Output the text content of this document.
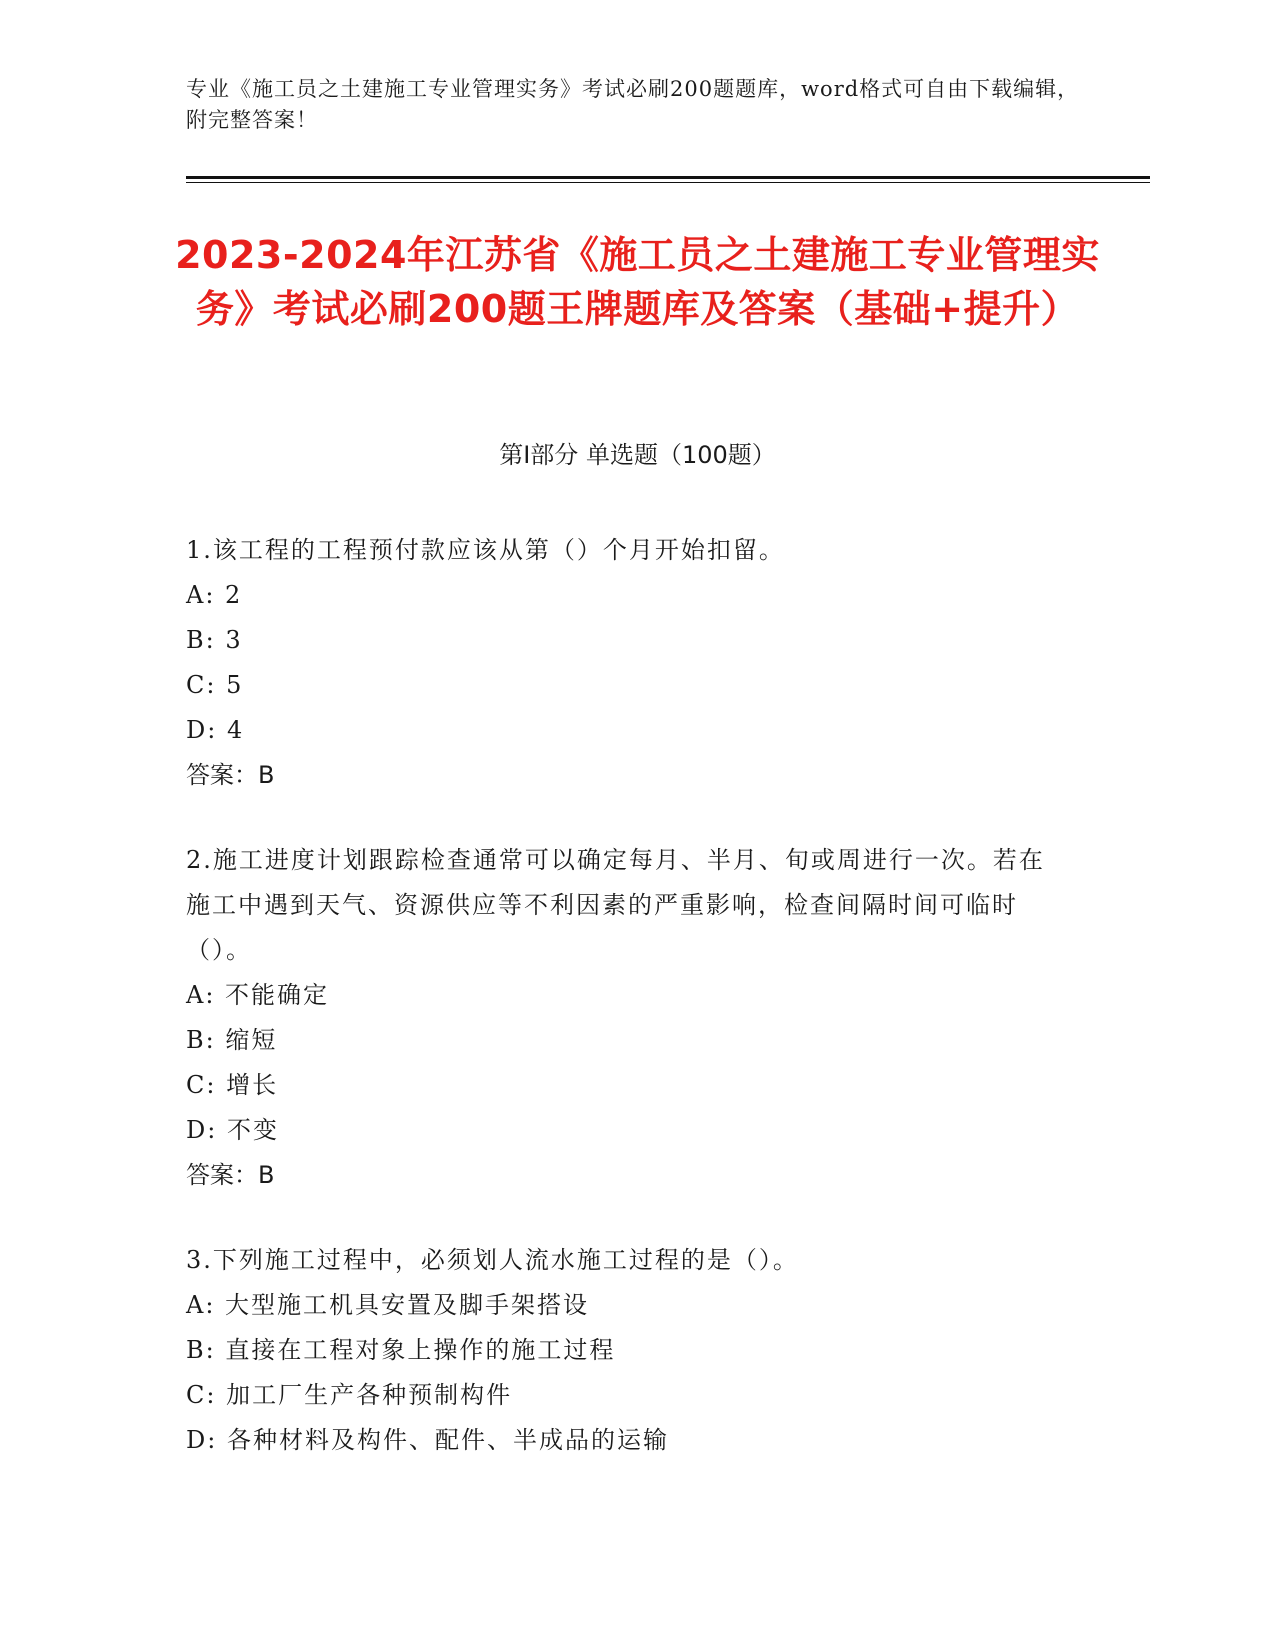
专业《施工员之土建施工专业管理实务》考试必刷200题题库，word格式可自由下载编辑，附完整答案！
2023-2024年江苏省《施工员之土建施工专业管理实务》考试必刷200题王牌题库及答案（基础+提升）
第Ⅰ部分 单选题（100题）

1.该工程的工程预付款应该从第（）个月开始扣留。

A: 2

B: 3

C: 5

D: 4

答案：B

2.施工进度计划跟踪检查通常可以确定每月、半月、旬或周进行一次。若在施工中遇到天气、资源供应等不利因素的严重影响，检查间隔时间可临时（）。

A: 不能确定

B: 缩短

C: 增长

D: 不变

答案：B

3.下列施工过程中，必须划人流水施工过程的是（）。

A: 大型施工机具安置及脚手架搭设

B: 直接在工程对象上操作的施工过程

C: 加工厂生产各种预制构件

D: 各种材料及构件、配件、半成品的运输
